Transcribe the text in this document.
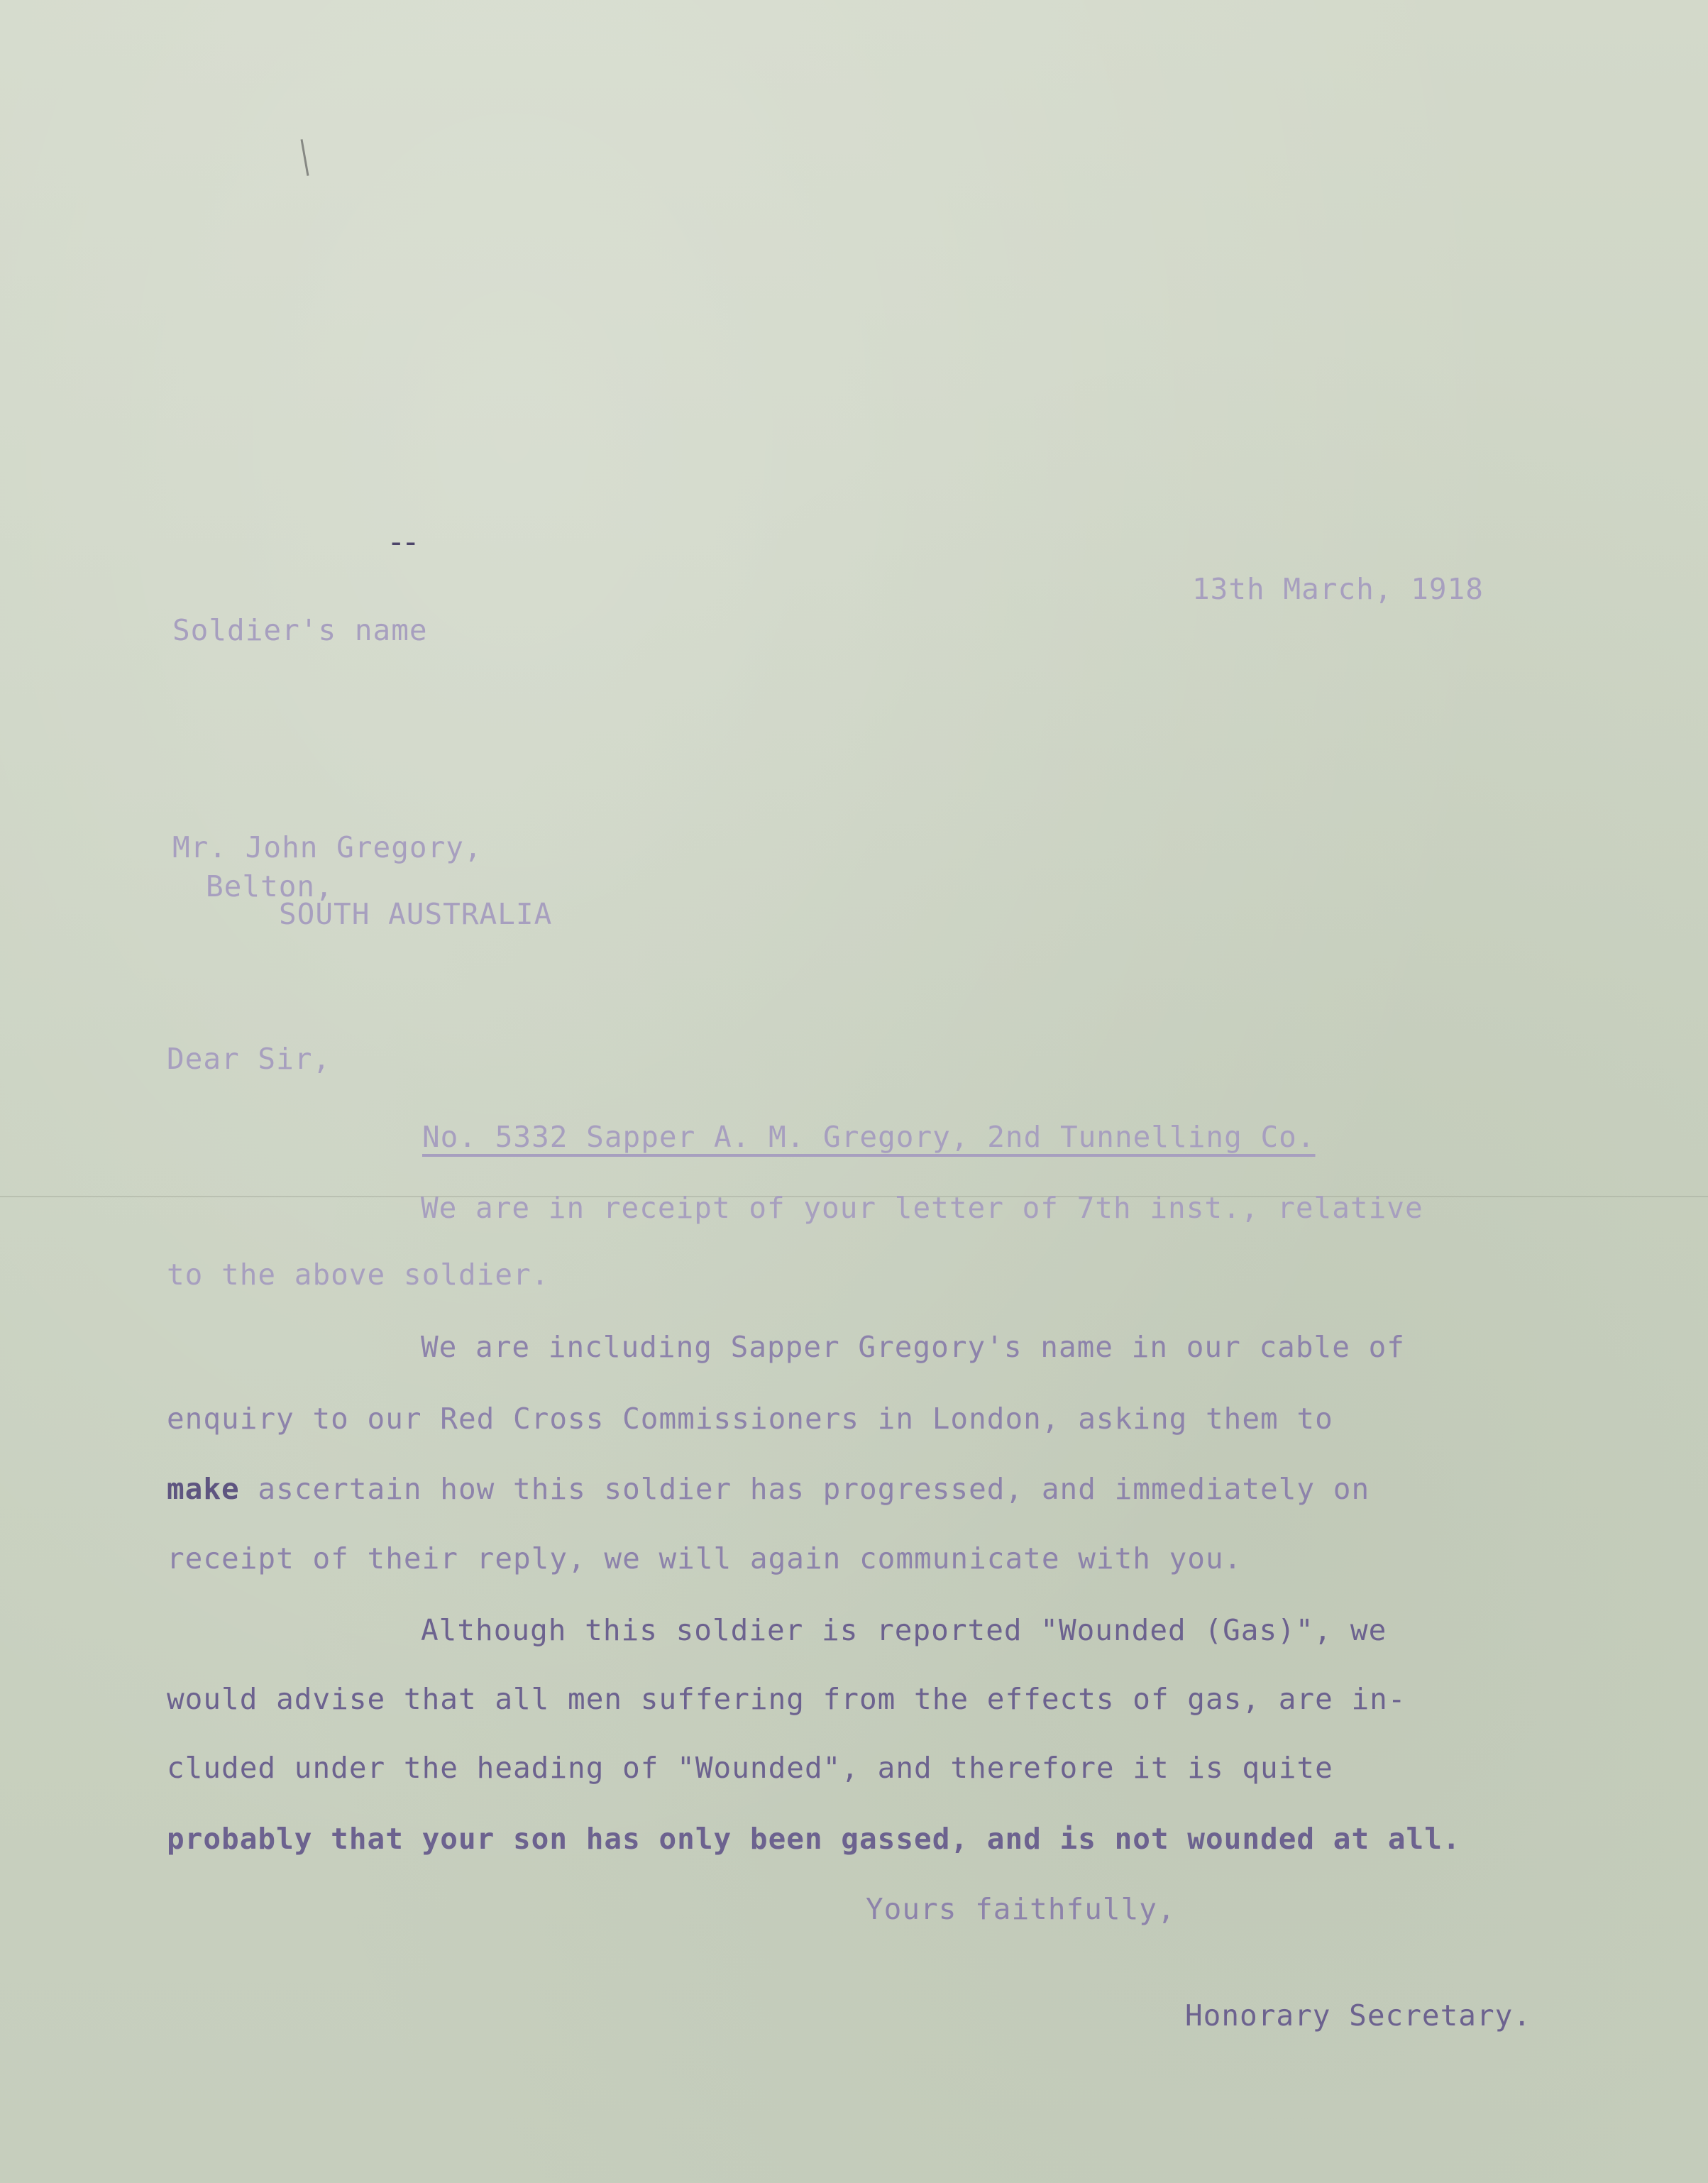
--
13th March, 1918
Soldier's name
Mr. John Gregory,
Belton,
SOUTH AUSTRALIA
Dear Sir,
No. 5332 Sapper A. M. Gregory, 2nd Tunnelling Co.
We are in receipt of your letter of 7th inst., relative
to the above soldier.
We are including Sapper Gregory's name in our cable of
enquiry to our Red Cross Commissioners in London, asking them to
make ascertain how this soldier has progressed, and immediately on
receipt of their reply, we will again communicate with you.
Although this soldier is reported "Wounded (Gas)", we
would advise that all men suffering from the effects of gas, are in-
cluded under the heading of "Wounded", and therefore it is quite
probably that your son has only been gassed, and is not wounded at all.
Yours faithfully,
Honorary Secretary.
